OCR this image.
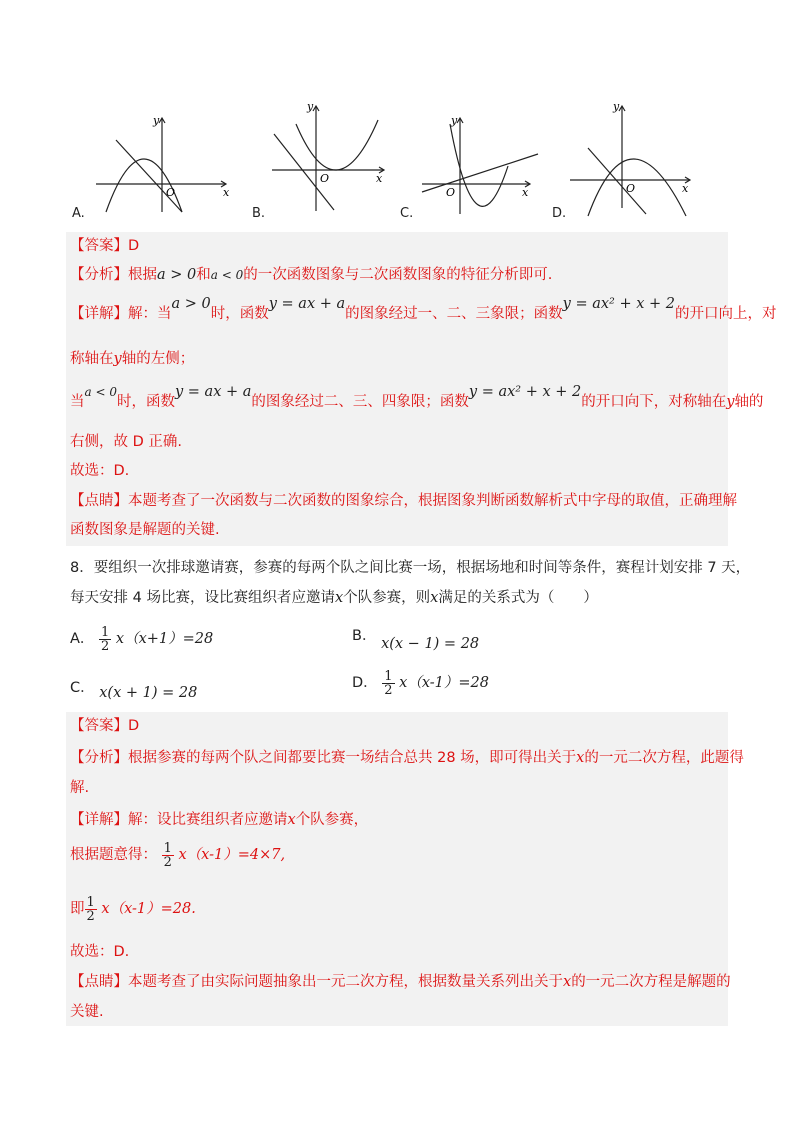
x
y
O
A.
x
y
O
B.
x
y
O
C.
x
y
O
D.
【答案】D
【分析】根据a > 0和a < 0的一次函数图象与二次函数图象的特征分析即可.
【详解】解：当a > 0时，函数y = ax + a的图象经过一、二、三象限；函数y = ax² + x + 2的开口向上，对
称轴在y轴的左侧；
当$^{a < 0}$时，函数y = ax + a的图象经过二、三、四象限；函数y = ax² + x + 2的开口向下，对称轴在y轴的
右侧，故 D 正确.
故选：D.
【点睛】本题考查了一次函数与二次函数的图象综合，根据图象判断函数解析式中字母的取值，正确理解
函数图象是解题的关键.
8．要组织一次排球邀请赛，参赛的每两个队之间比赛一场，根据场地和时间等条件，赛程计划安排 7 天，
每天安排 4 场比赛，设比赛组织者应邀请x个队参赛，则x满足的关系式为（　　）
A． $\frac{1}{2} x(x+1)=28$	B． x(x − 1) = 28
C． x(x + 1) = 28
D． $\frac{1}{2} x(x-1)=28$
【答案】D
【分析】根据参赛的每两个队之间都要比赛一场结合总共 28 场，即可得出关于x的一元二次方程，此题得
解.
【详解】解：设比赛组织者应邀请x个队参赛，
根据题意得： $\frac{1}{2} x(x-1)=4\times 7$,
即 $\frac{1}{2} x(x-1)=28$.
故选：D.
【点睛】本题考查了由实际问题抽象出一元二次方程，根据数量关系列出关于x的一元二次方程是解题的
关键.
